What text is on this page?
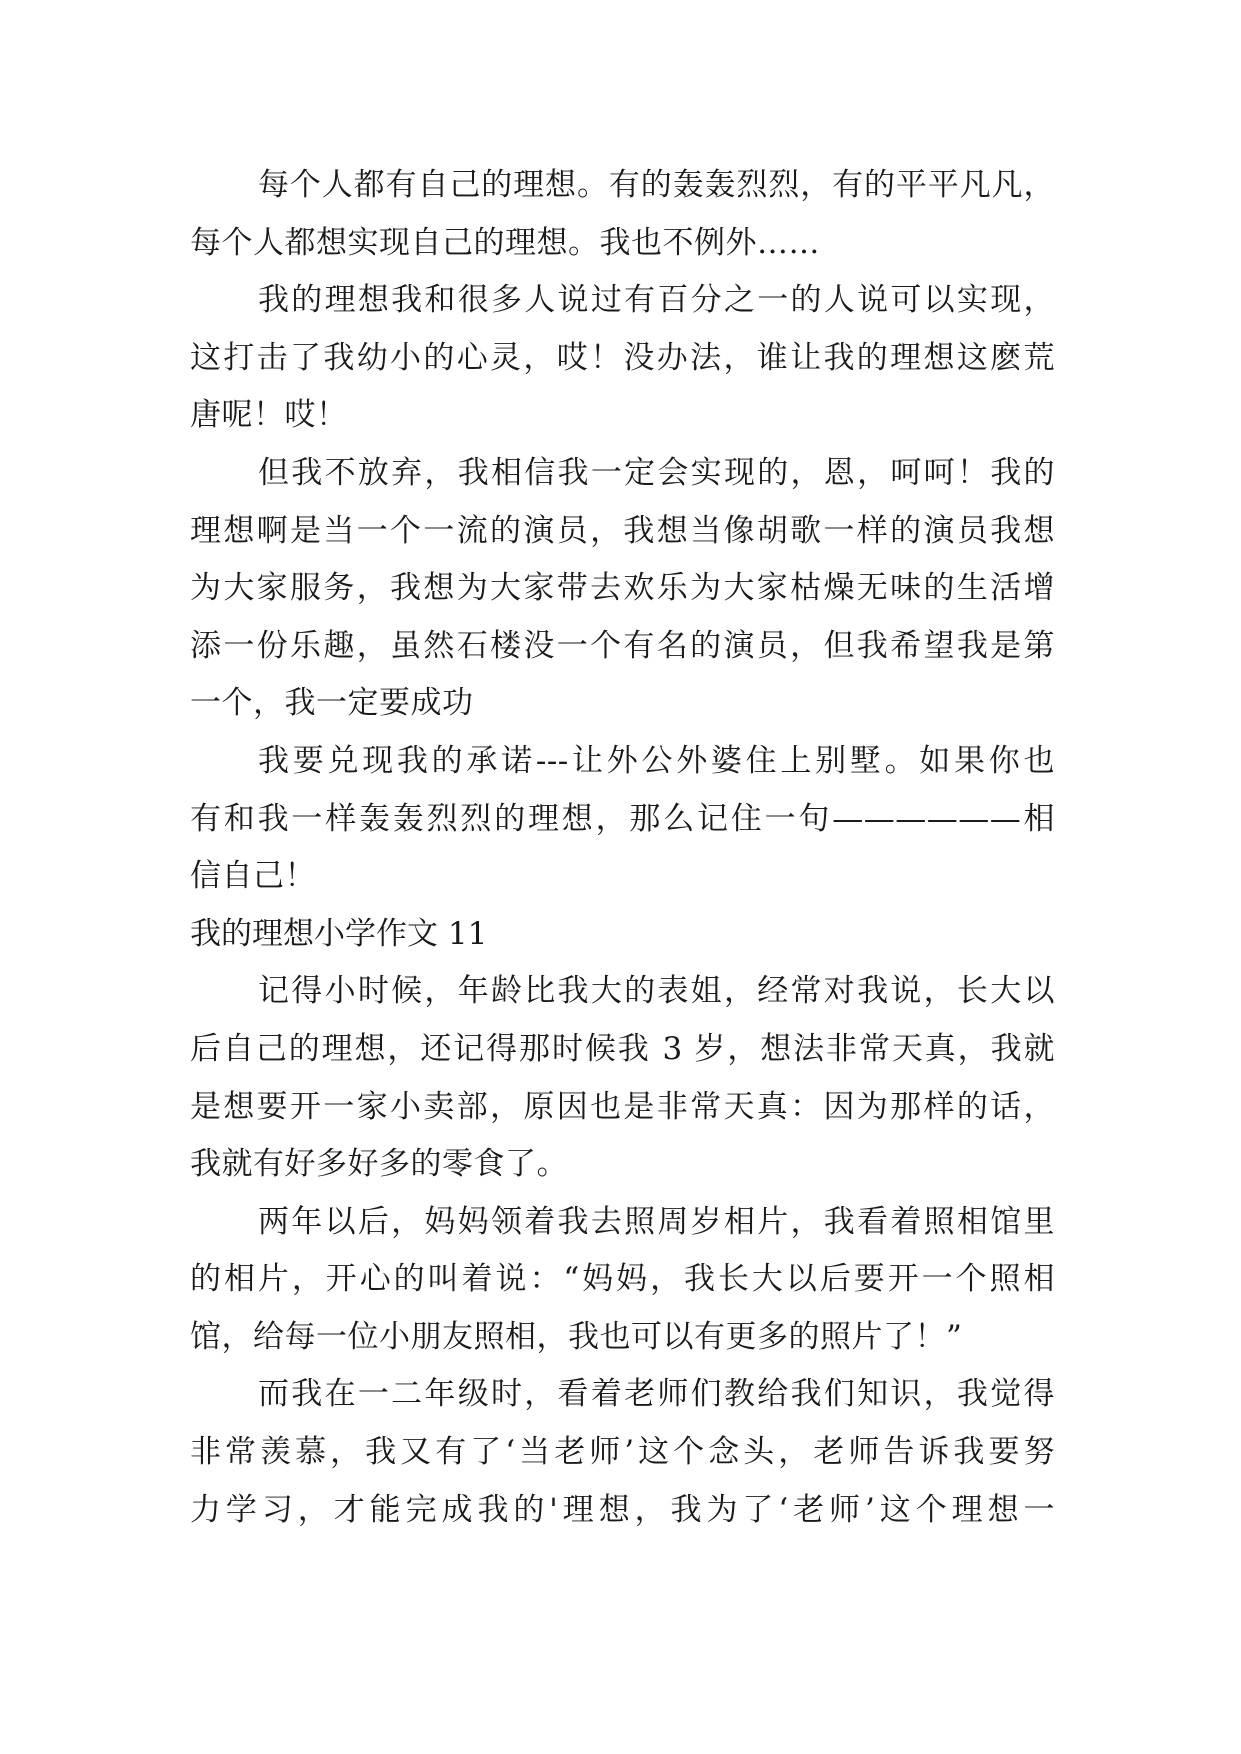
每个人都有自己的理想。有的轰轰烈烈，有的平平凡凡，
每个人都想实现自己的理想。我也不例外……
我的理想我和很多人说过有百分之一的人说可以实现，
这打击了我幼小的心灵，哎！没办法，谁让我的理想这麽荒
唐呢！哎！
但我不放弃，我相信我一定会实现的，恩，呵呵！我的
理想啊是当一个一流的演员，我想当像胡歌一样的演员我想
为大家服务，我想为大家带去欢乐为大家枯燥无味的生活增
添一份乐趣，虽然石楼没一个有名的演员，但我希望我是第
一个，我一定要成功
我要兑现我的承诺---让外公外婆住上别墅。如果你也
有和我一样轰轰烈烈的理想，那么记住一句——————相
信自己！
我的理想小学作文 11
记得小时候，年龄比我大的表姐，经常对我说，长大以
后自己的理想，还记得那时候我 3 岁，想法非常天真，我就
是想要开一家小卖部，原因也是非常天真：因为那样的话，
我就有好多好多的零食了。
两年以后，妈妈领着我去照周岁相片，我看着照相馆里
的相片，开心的叫着说：“妈妈，我长大以后要开一个照相
馆，给每一位小朋友照相，我也可以有更多的照片了！”
而我在一二年级时，看着老师们教给我们知识，我觉得
非常羡慕，我又有了‘当老师’这个念头，老师告诉我要努
力学习，才能完成我的'理想，我为了‘老师’这个理想一
